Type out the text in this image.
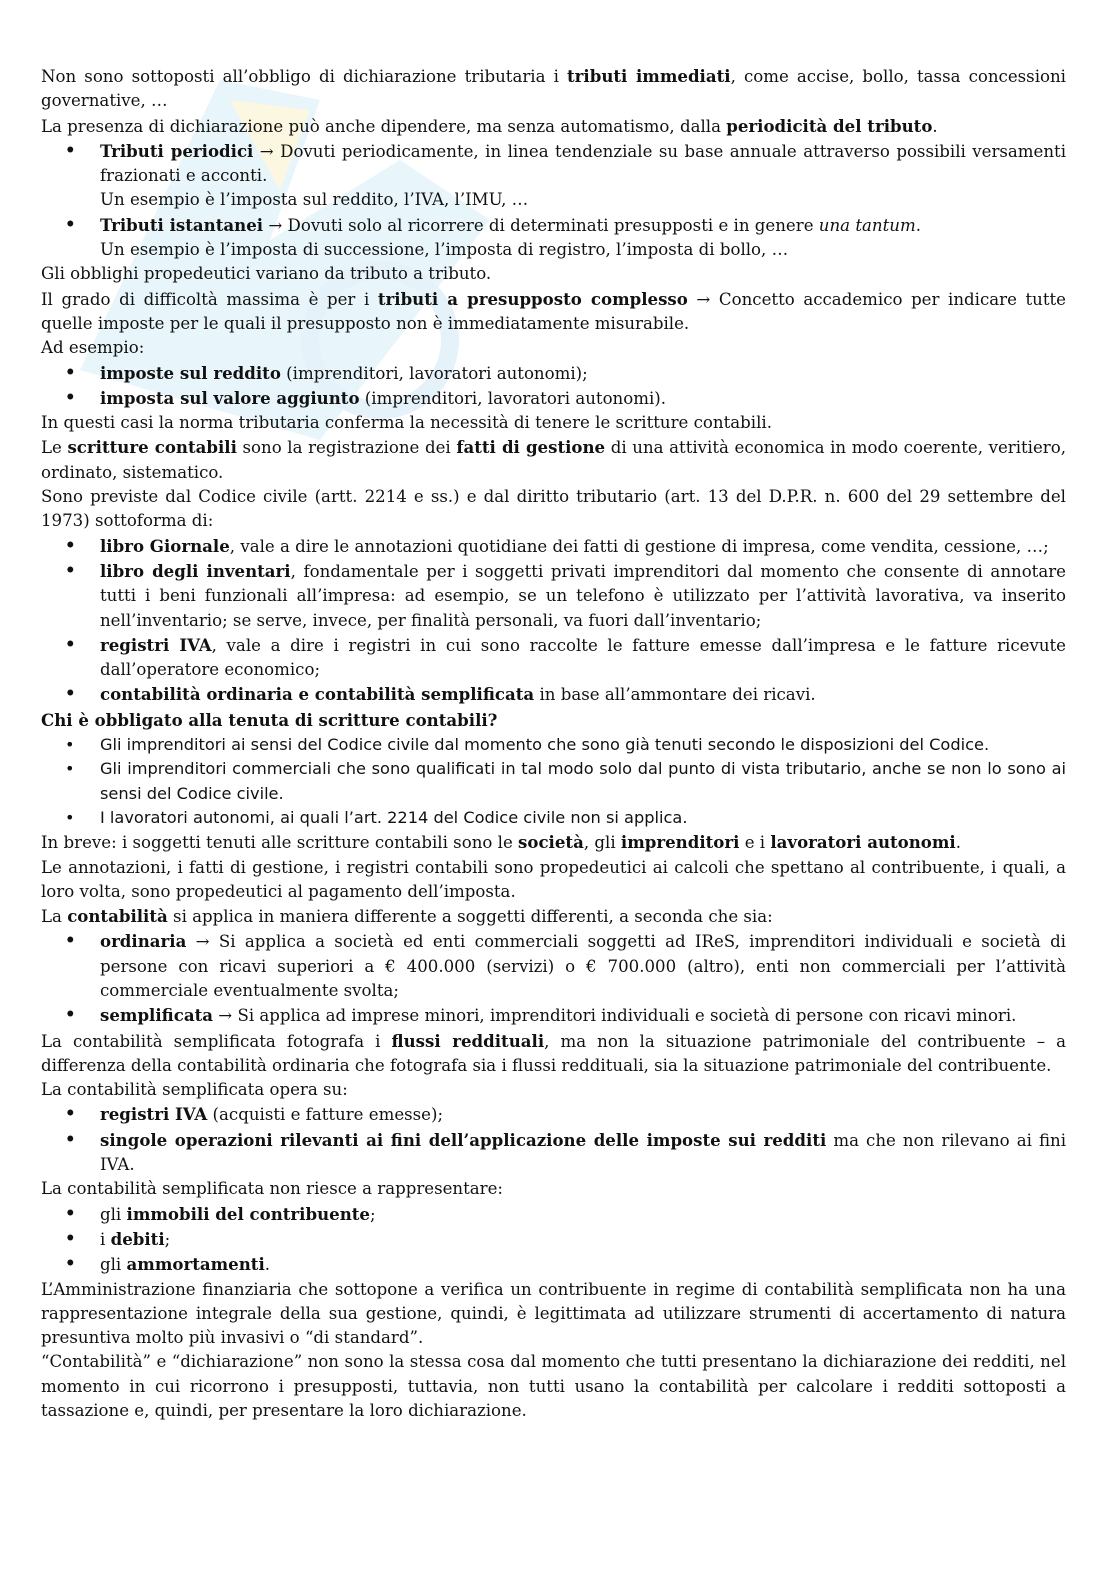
Non sono sottoposti all’obbligo di dichiarazione tributaria i tributi immediati, come accise, bollo, tassa concessioni governative, …

La presenza di dichiarazione può anche dipendere, ma senza automatismo, dalla periodicità del tributo.

• Tributi periodici → Dovuti periodicamente, in linea tendenziale su base annuale attraverso possibili versamenti frazionati e acconti.
Un esempio è l’imposta sul reddito, l’IVA, l’IMU, …
• Tributi istantanei → Dovuti solo al ricorrere di determinati presupposti e in genere una tantum.
Un esempio è l’imposta di successione, l’imposta di registro, l’imposta di bollo, …

Gli obblighi propedeutici variano da tributo a tributo.

Il grado di difficoltà massima è per i tributi a presupposto complesso → Concetto accademico per indicare tutte quelle imposte per le quali il presupposto non è immediatamente misurabile.

Ad esempio:

• imposte sul reddito (imprenditori, lavoratori autonomi);
• imposta sul valore aggiunto (imprenditori, lavoratori autonomi).

In questi casi la norma tributaria conferma la necessità di tenere le scritture contabili.

Le scritture contabili sono la registrazione dei fatti di gestione di una attività economica in modo coerente, veritiero, ordinato, sistematico.

Sono previste dal Codice civile (artt. 2214 e ss.) e dal diritto tributario (art. 13 del D.P.R. n. 600 del 29 settembre del 1973) sottoforma di:

• libro Giornale, vale a dire le annotazioni quotidiane dei fatti di gestione di impresa, come vendita, cessione, …;
• libro degli inventari, fondamentale per i soggetti privati imprenditori dal momento che consente di annotare tutti i beni funzionali all’impresa: ad esempio, se un telefono è utilizzato per l’attività lavorativa, va inserito nell’inventario; se serve, invece, per finalità personali, va fuori dall’inventario;
• registri IVA, vale a dire i registri in cui sono raccolte le fatture emesse dall’impresa e le fatture ricevute dall’operatore economico;
• contabilità ordinaria e contabilità semplificata in base all’ammontare dei ricavi.

Chi è obbligato alla tenuta di scritture contabili?

• Gli imprenditori ai sensi del Codice civile dal momento che sono già tenuti secondo le disposizioni del Codice.
• Gli imprenditori commerciali che sono qualificati in tal modo solo dal punto di vista tributario, anche se non lo sono ai sensi del Codice civile.
• I lavoratori autonomi, ai quali l’art. 2214 del Codice civile non si applica.

In breve: i soggetti tenuti alle scritture contabili sono le società, gli imprenditori e i lavoratori autonomi.

Le annotazioni, i fatti di gestione, i registri contabili sono propedeutici ai calcoli che spettano al contribuente, i quali, a loro volta, sono propedeutici al pagamento dell’imposta.

La contabilità si applica in maniera differente a soggetti differenti, a seconda che sia:

• ordinaria → Si applica a società ed enti commerciali soggetti ad IReS, imprenditori individuali e società di persone con ricavi superiori a € 400.000 (servizi) o € 700.000 (altro), enti non commerciali per l’attività commerciale eventualmente svolta;
• semplificata → Si applica ad imprese minori, imprenditori individuali e società di persone con ricavi minori.

La contabilità semplificata fotografa i flussi reddituali, ma non la situazione patrimoniale del contribuente – a differenza della contabilità ordinaria che fotografa sia i flussi reddituali, sia la situazione patrimoniale del contribuente.

La contabilità semplificata opera su:

• registri IVA (acquisti e fatture emesse);
• singole operazioni rilevanti ai fini dell’applicazione delle imposte sui redditi ma che non rilevano ai fini IVA.

La contabilità semplificata non riesce a rappresentare:

• gli immobili del contribuente;
• i debiti;
• gli ammortamenti.

L’Amministrazione finanziaria che sottopone a verifica un contribuente in regime di contabilità semplificata non ha una rappresentazione integrale della sua gestione, quindi, è legittimata ad utilizzare strumenti di accertamento di natura presuntiva molto più invasivi o “di standard”.

“Contabilità” e “dichiarazione” non sono la stessa cosa dal momento che tutti presentano la dichiarazione dei redditi, nel momento in cui ricorrono i presupposti, tuttavia, non tutti usano la contabilità per calcolare i redditi sottoposti a tassazione e, quindi, per presentare la loro dichiarazione.
